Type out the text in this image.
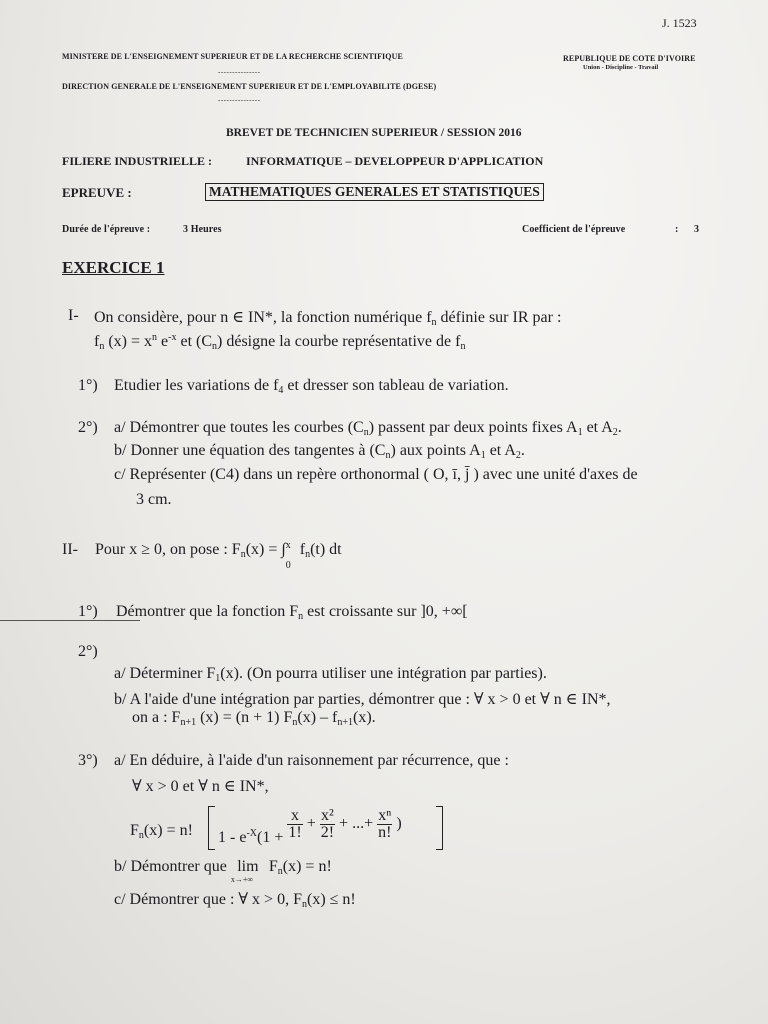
J. 1523
MINISTERE DE L'ENSEIGNEMENT SUPERIEUR ET DE LA RECHERCHE SCIENTIFIQUE
---------------
DIRECTION GENERALE DE L'ENSEIGNEMENT SUPERIEUR ET DE L'EMPLOYABILITE (DGESE)
---------------
REPUBLIQUE DE COTE D'IVOIRE
Union - Discipline - Travail
BREVET DE TECHNICIEN SUPERIEUR / SESSION 2016
FILIERE INDUSTRIELLE :	INFORMATIQUE – DEVELOPPEUR D'APPLICATION
EPREUVE :	MATHEMATIQUES GENERALES ET STATISTIQUES
Durée de l'épreuve :	3 Heures	Coefficient de l'épreuve	: 3
EXERCICE 1
I- On considère, pour n ∈ IN*, la fonction numérique $f_n$ définie sur IR par :
$f_n$ $(x) = x^n$ $e^{-x}$ et $(C_n)$ désigne la courbe représentative de $f_n$
1°) Etudier les variations de $f_4$ et dresser son tableau de variation.
2°) a/ Démontrer que toutes les courbes $(C_n)$ passent par deux points fixes $A_1$ et $A_2$.
b/ Donner une équation des tangentes à $(C_n)$ aux points $A_1$ et $A_2$.
c/ Représenter (C4) dans un repère orthonormal ( O, ī, j̄ ) avec une unité d'axes de
3 cm.
II- Pour x ≥ 0, on pose : $F_n(x)$ = ∫ x
0
$f_n(t)$ dt
1°) Démontrer que la fonction $F_n$ est croissante sur ]0, +∞[
2°)
a/ Déterminer $F_1(x)$. (On pourra utiliser une intégration par parties).
b/ A l'aide d'une intégration par parties, démontrer que : ∀ x > 0 et ∀ n ∈ IN*,
on a : $F_{n+1}$ (x) = (n + 1) $F_n(x) - f_{n+1}(x)$.
3°) a/ En déduire, à l'aide d'un raisonnement par récurrence, que :
∀ x > 0 et ∀ n ∈ IN*,
$F_n(x) = n$! $1 - e^{-X}(1 + \frac{x}{1!} + \frac{\text{x²}}{2!}$ + ...+ $\frac{\text{xⁿ}}{n!}$ )
b/ Démontrer que lim
x→+∞
$F_n(x) = n$!
c/ Démontrer que : ∀ x > 0, $F_n(x) \le n$!
